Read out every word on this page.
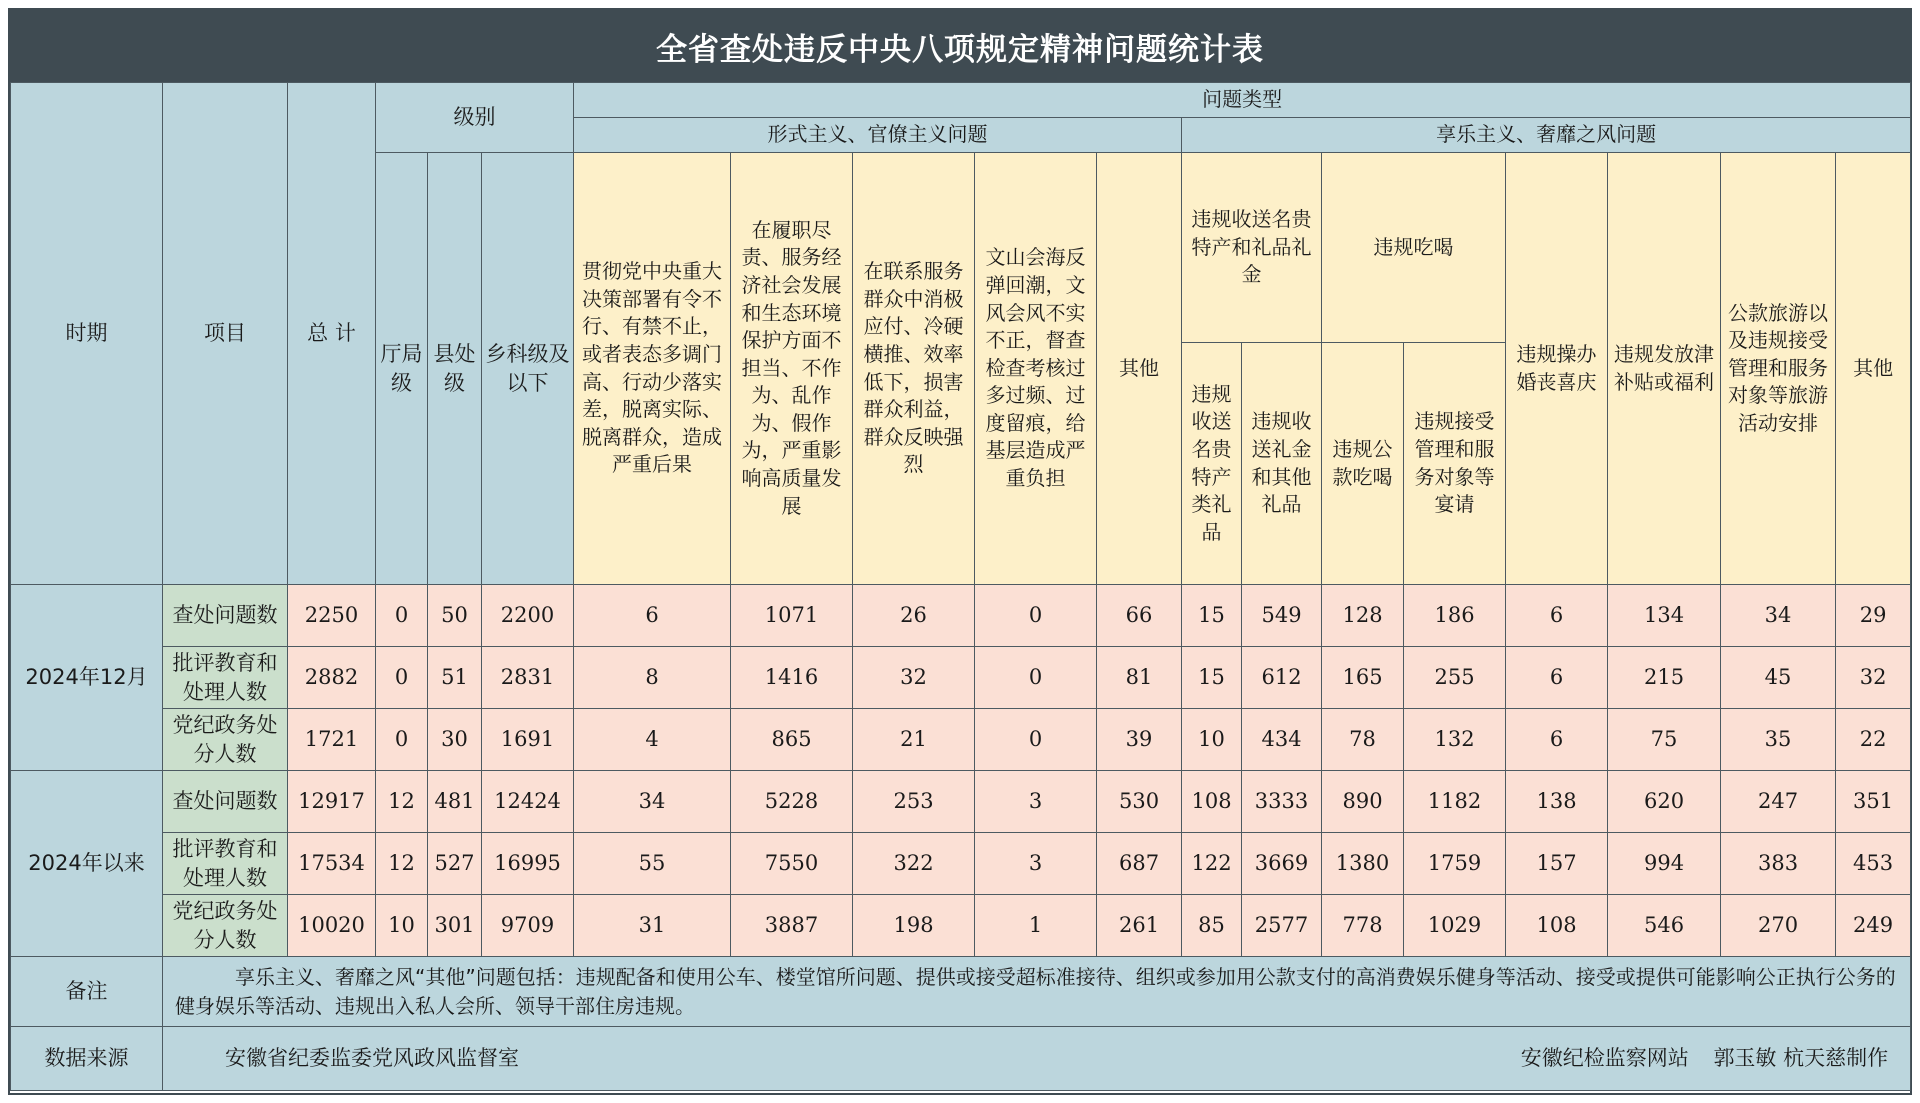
全省查处违反中央八项规定精神问题统计表
时期	项目	总 计	级别			问题类型												
						形式主义、官僚主义问题					享乐主义、奢靡之风问题							
			厅局级	县处级	乡科级及以下	贯彻党中央重大决策部署有令不行、有禁不止，或者表态多调门高、行动少落实差，脱离实际、脱离群众，造成严重后果	在履职尽责、服务经济社会发展和生态环境保护方面不担当、不作为、乱作为、假作为，严重影响高质量发展	在联系服务群众中消极应付、冷硬横推、效率低下，损害群众利益，群众反映强烈	文山会海反弹回潮，文风会风不实不正，督查检查考核过多过频、过度留痕，给基层造成严重负担	其他	违规收送名贵特产和礼品礼金		违规吃喝		违规操办婚丧喜庆	违规发放津补贴或福利	公款旅游以及违规接受管理和服务对象等旅游活动安排	其他
											违规收送名贵特产类礼品	违规收送礼金和其他礼品	违规公款吃喝	违规接受管理和服务对象等宴请				

2024年12月	查处问题数	2250	0	50	2200	6	1071	26	0	66	15	549	128	186	6	134	34	29
	批评教育和处理人数	2882	0	51	2831	8	1416	32	0	81	15	612	165	255	6	215	45	32
	党纪政务处分人数	1721	0	30	1691	4	865	21	0	39	10	434	78	132	6	75	35	22
2024年以来	查处问题数	12917	12	481	12424	34	5228	253	3	530	108	3333	890	1182	138	620	247	351
	批评教育和处理人数	17534	12	527	16995	55	7550	322	3	687	122	3669	1380	1759	157	994	383	453
	党纪政务处分人数	10020	10	301	9709	31	3887	198	1	261	85	2577	778	1029	108	546	270	249
备注	享乐主义、奢靡之风“其他”问题包括：违规配备和使用公车、楼堂馆所问题、提供或接受超标准接待、组织或参加用公款支付的高消费娱乐健身等活动、接受或提供可能影响公正执行公务的健身娱乐等活动、违规出入私人会所、领导干部住房违规。																	
数据来源	安徽省纪委监委党风政风监督室 安徽纪检监察网站 郭玉敏 杭天慈制作																	
